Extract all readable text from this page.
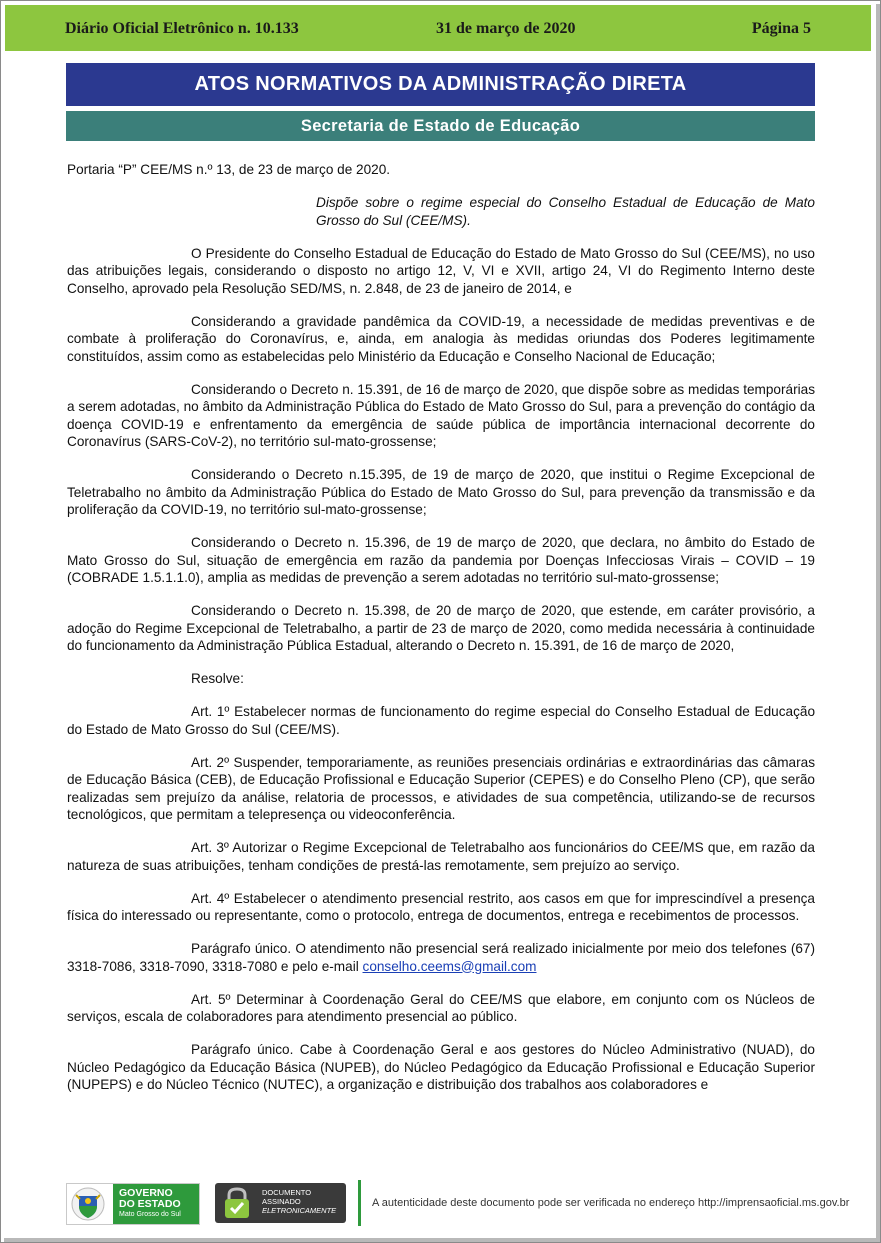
Diário Oficial Eletrônico n. 10.133	31 de março de 2020	Página 5
ATOS NORMATIVOS DA ADMINISTRAÇÃO DIRETA
Secretaria de Estado de Educação

Portaria “P” CEE/MS n.º 13, de 23 de março de 2020.

Dispõe sobre o regime especial do Conselho Estadual de Educação de Mato Grosso do Sul (CEE/MS).

O Presidente do Conselho Estadual de Educação do Estado de Mato Grosso do Sul (CEE/MS), no uso das atribuições legais, considerando o disposto no artigo 12, V, VI e XVII, artigo 24, VI do Regimento Interno deste Conselho, aprovado pela Resolução SED/MS, n. 2.848, de 23 de janeiro de 2014, e

Considerando a gravidade pandêmica da COVID-19, a necessidade de medidas preventivas e de combate à proliferação do Coronavírus, e, ainda, em analogia às medidas oriundas dos Poderes legitimamente constituídos, assim como as estabelecidas pelo Ministério da Educação e Conselho Nacional de Educação;

Considerando o Decreto n. 15.391, de 16 de março de 2020, que dispõe sobre as medidas temporárias a serem adotadas, no âmbito da Administração Pública do Estado de Mato Grosso do Sul, para a prevenção do contágio da doença COVID-19 e enfrentamento da emergência de saúde pública de importância internacional decorrente do Coronavírus (SARS-CoV-2), no território sul-mato-grossense;

Considerando o Decreto n.15.395, de 19 de março de 2020, que institui o Regime Excepcional de Teletrabalho no âmbito da Administração Pública do Estado de Mato Grosso do Sul, para prevenção da transmissão e da proliferação da COVID-19, no território sul-mato-grossense;

Considerando o Decreto n. 15.396, de 19 de março de 2020, que declara, no âmbito do Estado de Mato Grosso do Sul, situação de emergência em razão da pandemia por Doenças Infecciosas Virais – COVID – 19 (COBRADE 1.5.1.1.0), amplia as medidas de prevenção a serem adotadas no território sul-mato-grossense;

Considerando o Decreto n. 15.398, de 20 de março de 2020, que estende, em caráter provisório, a adoção do Regime Excepcional de Teletrabalho, a partir de 23 de março de 2020, como medida necessária à continuidade do funcionamento da Administração Pública Estadual, alterando o Decreto n. 15.391, de 16 de março de 2020,

Resolve:

Art. 1º Estabelecer normas de funcionamento do regime especial do Conselho Estadual de Educação do Estado de Mato Grosso do Sul (CEE/MS).

Art. 2º Suspender, temporariamente, as reuniões presenciais ordinárias e extraordinárias das câmaras de Educação Básica (CEB), de Educação Profissional e Educação Superior (CEPES) e do Conselho Pleno (CP), que serão realizadas sem prejuízo da análise, relatoria de processos, e atividades de sua competência, utilizando-se de recursos tecnológicos, que permitam a telepresença ou videoconferência.

Art. 3º Autorizar o Regime Excepcional de Teletrabalho aos funcionários do CEE/MS que, em razão da natureza de suas atribuições, tenham condições de prestá-las remotamente, sem prejuízo ao serviço.

Art. 4º Estabelecer o atendimento presencial restrito, aos casos em que for imprescindível a presença física do interessado ou representante, como o protocolo, entrega de documentos, entrega e recebimentos de processos.

Parágrafo único. O atendimento não presencial será realizado inicialmente por meio dos telefones (67) 3318-7086, 3318-7090, 3318-7080 e pelo e-mail conselho.ceems@gmail.com

Art. 5º Determinar à Coordenação Geral do CEE/MS que elabore, em conjunto com os Núcleos de serviços, escala de colaboradores para atendimento presencial ao público.

Parágrafo único. Cabe à Coordenação Geral e aos gestores do Núcleo Administrativo (NUAD), do Núcleo Pedagógico da Educação Básica (NUPEB), do Núcleo Pedagógico da Educação Profissional e Educação Superior (NUPEPS) e do Núcleo Técnico (NUTEC), a organização e distribuição dos trabalhos aos colaboradores e

GOVERNO
DO ESTADO
Mato Grosso do Sul
DOCUMENTO
ASSINADO
ELETRONICAMENTE
A autenticidade deste documento pode ser verificada no endereço http://imprensaoficial.ms.gov.br
